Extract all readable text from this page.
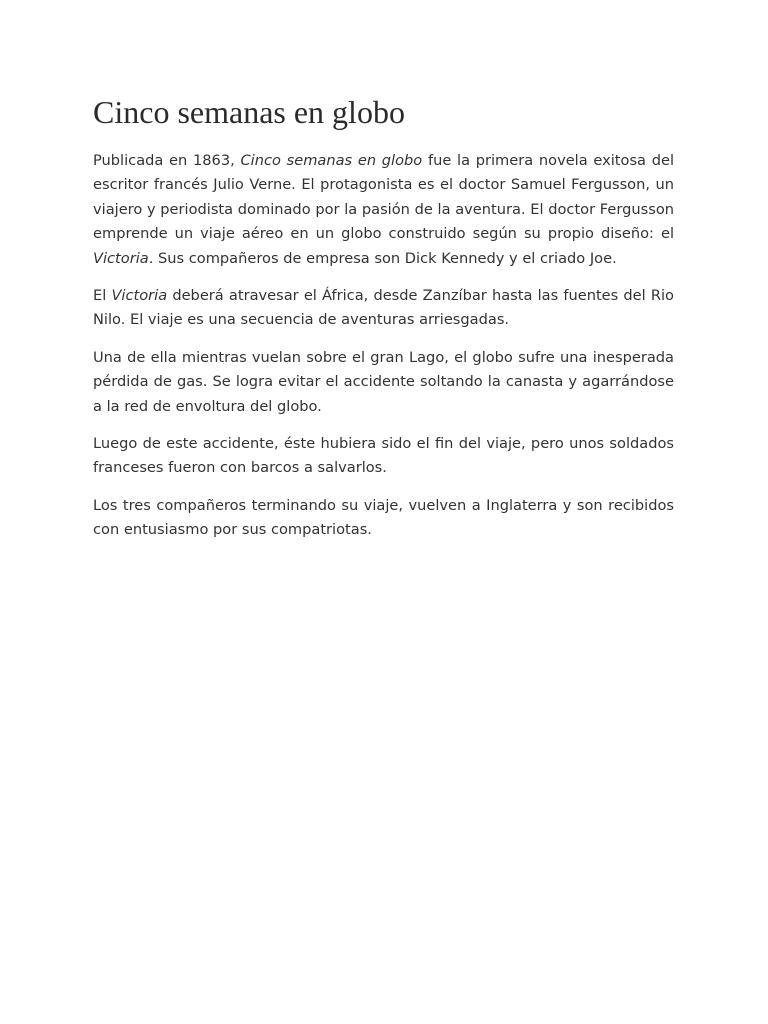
Cinco semanas en globo

Publicada en 1863, Cinco semanas en globo fue la primera novela exitosa del escritor francés Julio Verne. El protagonista es el doctor Samuel Fergusson, un viajero y periodista dominado por la pasión de la aventura. El doctor Fergusson emprende un viaje aéreo en un globo construido según su propio diseño: el Victoria. Sus compañeros de empresa son Dick Kennedy y el criado Joe.

El Victoria deberá atravesar el África, desde Zanzíbar hasta las fuentes del Rio Nilo. El viaje es una secuencia de aventuras arriesgadas.

Una de ella mientras vuelan sobre el gran Lago, el globo sufre una inesperada pérdida de gas. Se logra evitar el accidente soltando la canasta y agarrándose a la red de envoltura del globo.

Luego de este accidente, éste hubiera sido el fin del viaje, pero unos soldados franceses fueron con barcos a salvarlos.

Los tres compañeros terminando su viaje, vuelven a Inglaterra y son recibidos con entusiasmo por sus compatriotas.
